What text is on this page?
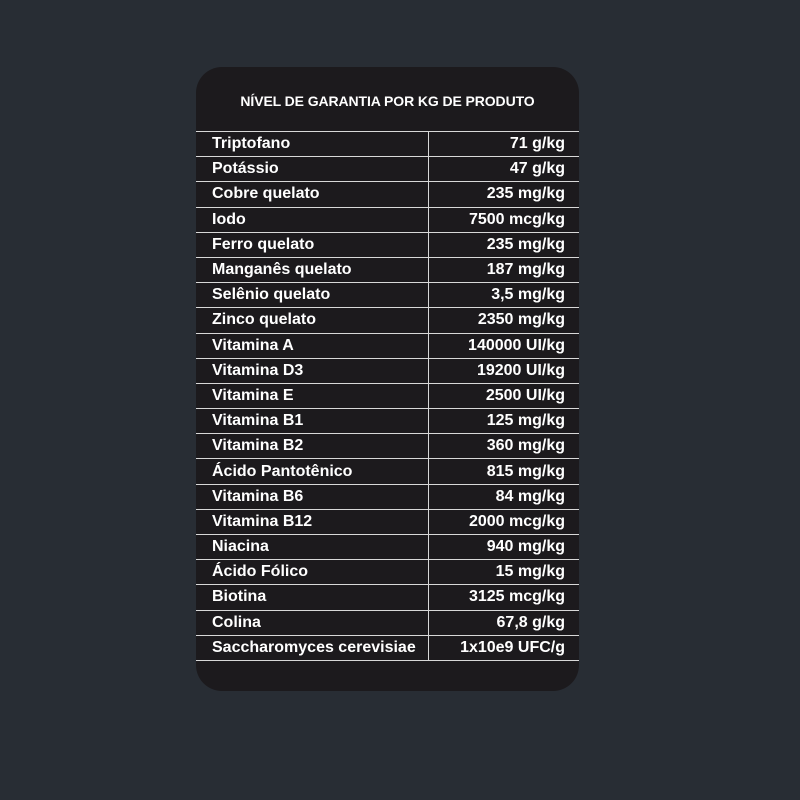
NÍVEL DE GARANTIA POR KG DE PRODUTO
Triptofano	71 g/kg
Potássio	47 g/kg
Cobre quelato	235 mg/kg
Iodo	7500 mcg/kg
Ferro quelato	235 mg/kg
Manganês quelato	187 mg/kg
Selênio quelato	3,5 mg/kg
Zinco quelato	2350 mg/kg
Vitamina A	140000 UI/kg
Vitamina D3	19200 UI/kg
Vitamina E	2500 UI/kg
Vitamina B1	125 mg/kg
Vitamina B2	360 mg/kg
Ácido Pantotênico	815 mg/kg
Vitamina B6	84 mg/kg
Vitamina B12	2000 mcg/kg
Niacina	940 mg/kg
Ácido Fólico	15 mg/kg
Biotina	3125 mcg/kg
Colina	67,8 g/kg
Saccharomyces cerevisiae	1x10e9 UFC/g
